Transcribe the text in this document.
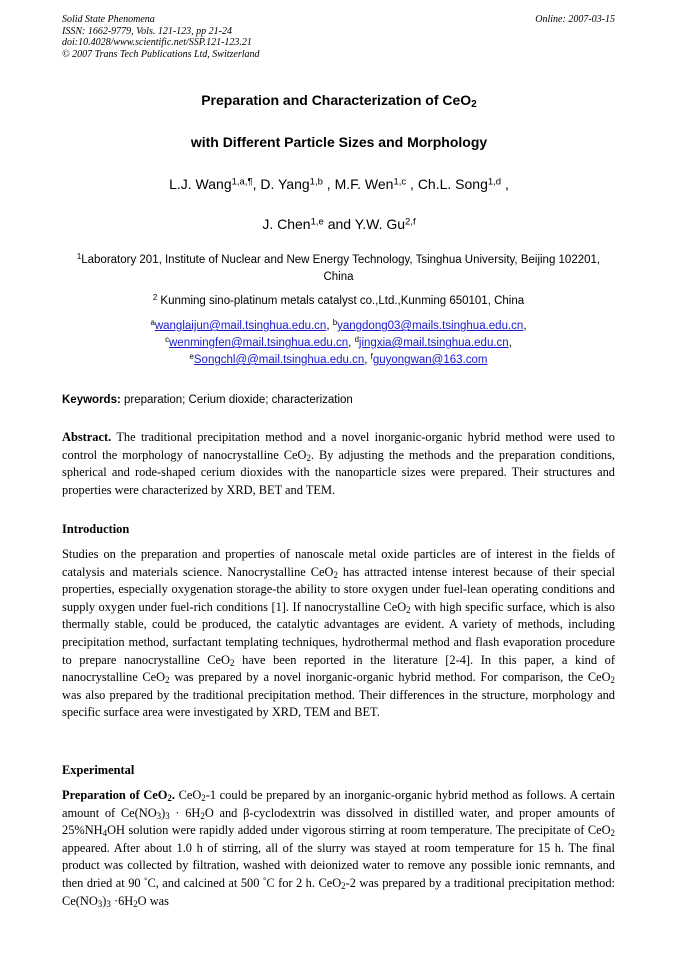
Solid State Phenomena
ISSN: 1662-9779, Vols. 121-123, pp 21-24
doi:10.4028/www.scientific.net/SSP.121-123.21
© 2007 Trans Tech Publications Ltd, Switzerland
Online: 2007-03-15
Preparation and Characterization of CeO$_2$
with Different Particle Sizes and Morphology
L.J. Wang$^{1,a,\P}$, D. Yang$^{1,b}$ , M.F. Wen$^{1,c}$ , Ch.L. Song$^{1,d}$ ,
J. Chen$^{1,e}$ and Y.W. Gu$^{2,f}$
$^1$Laboratory 201, Institute of Nuclear and New Energy Technology, Tsinghua University, Beijing 102201, China
$^2$ Kunming sino-platinum metals catalyst co.,Ltd.,Kunming 650101, China
$^a$wanglaijun@mail.tsinghua.edu.cn, $^b$yangdong03@mails.tsinghua.edu.cn,
$^c$wenmingfen@mail.tsinghua.edu.cn, $^d$jingxia@mail.tsinghua.edu.cn,
$^e$Songchl@@mail.tsinghua.edu.cn, $^f$guyongwan@163.com
Keywords: preparation; Cerium dioxide; characterization
Abstract. The traditional precipitation method and a novel inorganic-organic hybrid method were used to control the morphology of nanocrystalline CeO$_2$. By adjusting the methods and the preparation conditions, spherical and rode-shaped cerium dioxides with the nanoparticle sizes were prepared. Their structures and properties were characterized by XRD, BET and TEM.
Introduction
Studies on the preparation and properties of nanoscale metal oxide particles are of interest in the fields of catalysis and materials science. Nanocrystalline CeO$_2$ has attracted intense interest because of their special properties, especially oxygenation storage-the ability to store oxygen under fuel-lean operating conditions and supply oxygen under fuel-rich conditions [1]. If nanocrystalline CeO$_2$ with high specific surface, which is also thermally stable, could be produced, the catalytic advantages are evident. A variety of methods, including precipitation method, surfactant templating techniques, hydrothermal method and flash evaporation procedure to prepare nanocrystalline CeO$_2$ have been reported in the literature [2-4]. In this paper, a kind of nanocrystalline CeO$_2$ was prepared by a novel inorganic-organic hybrid method. For comparison, the CeO$_2$ was also prepared by the traditional precipitation method. Their differences in the structure, morphology and specific surface area were investigated by XRD, TEM and BET.
Experimental
Preparation of CeO$_2$. CeO$_2$-1 could be prepared by an inorganic-organic hybrid method as follows. A certain amount of $Ce(NO_3)_3 \cdot 6H_2O$ and β-cyclodextrin was dissolved in distilled water, and proper amounts of $25\%NH_4OH$ solution were rapidly added under vigorous stirring at room temperature. The precipitate of CeO$_2$ appeared. After about 1.0 h of stirring, all of the slurry was stayed at room temperature for 15 h. The final product was collected by filtration, washed with deionized water to remove any possible ionic remnants, and then dried at 90 °C, and calcined at 500 °C for 2 h. CeO$_2$-2 was prepared by a traditional precipitation method: $Ce(NO_3)_3 \cdot 6H_2O$ was
